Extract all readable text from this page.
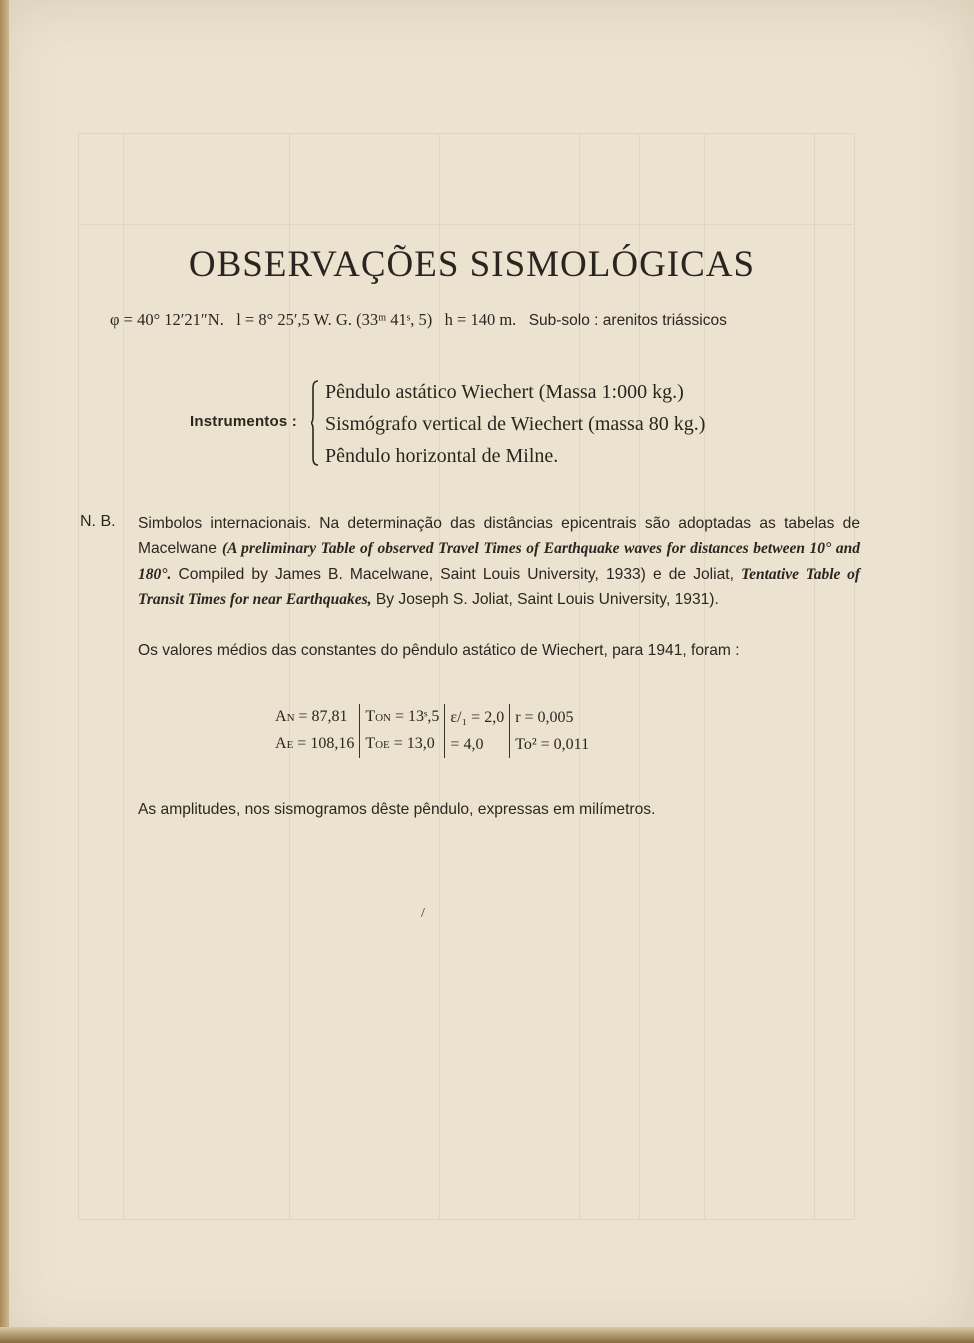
OBSERVAÇÕES SISMOLÓGICAS
φ = 40° 12′21″N. l = 8° 25′,5 W. G. (33ᵐ 41ˢ, 5) h = 140 m. Sub-solo : arenitos triássicos
Instrumentos :
Pêndulo astático Wiechert (Massa 1:000 kg.)
Sismógrafo vertical de Wiechert (massa 80 kg.)
Pêndulo horizontal de Milne.
N. B. Simbolos internacionais. Na determinação das distâncias epicentrais são adoptadas as tabelas de Macelwane (A preliminary Table of observed Travel Times of Earthquake waves for distances between 10° and 180°. Compiled by James B. Macelwane, Saint Louis University, 1933) e de Joliat, Tentative Table of Transit Times for near Earthquakes, By Joseph S. Joliat, Saint Louis University, 1931).
Os valores médios das constantes do pêndulo astático de Wiechert, para 1941, foram :
AN = 87,81	TON = 13ˢ,5	ε/₁ = 2,0	r = 0,005
AE = 108,16	TOE = 13,0	= 4,0	To² = 0,011
As amplitudes, nos sismogramos dêste pêndulo, expressas em milímetros.
/
